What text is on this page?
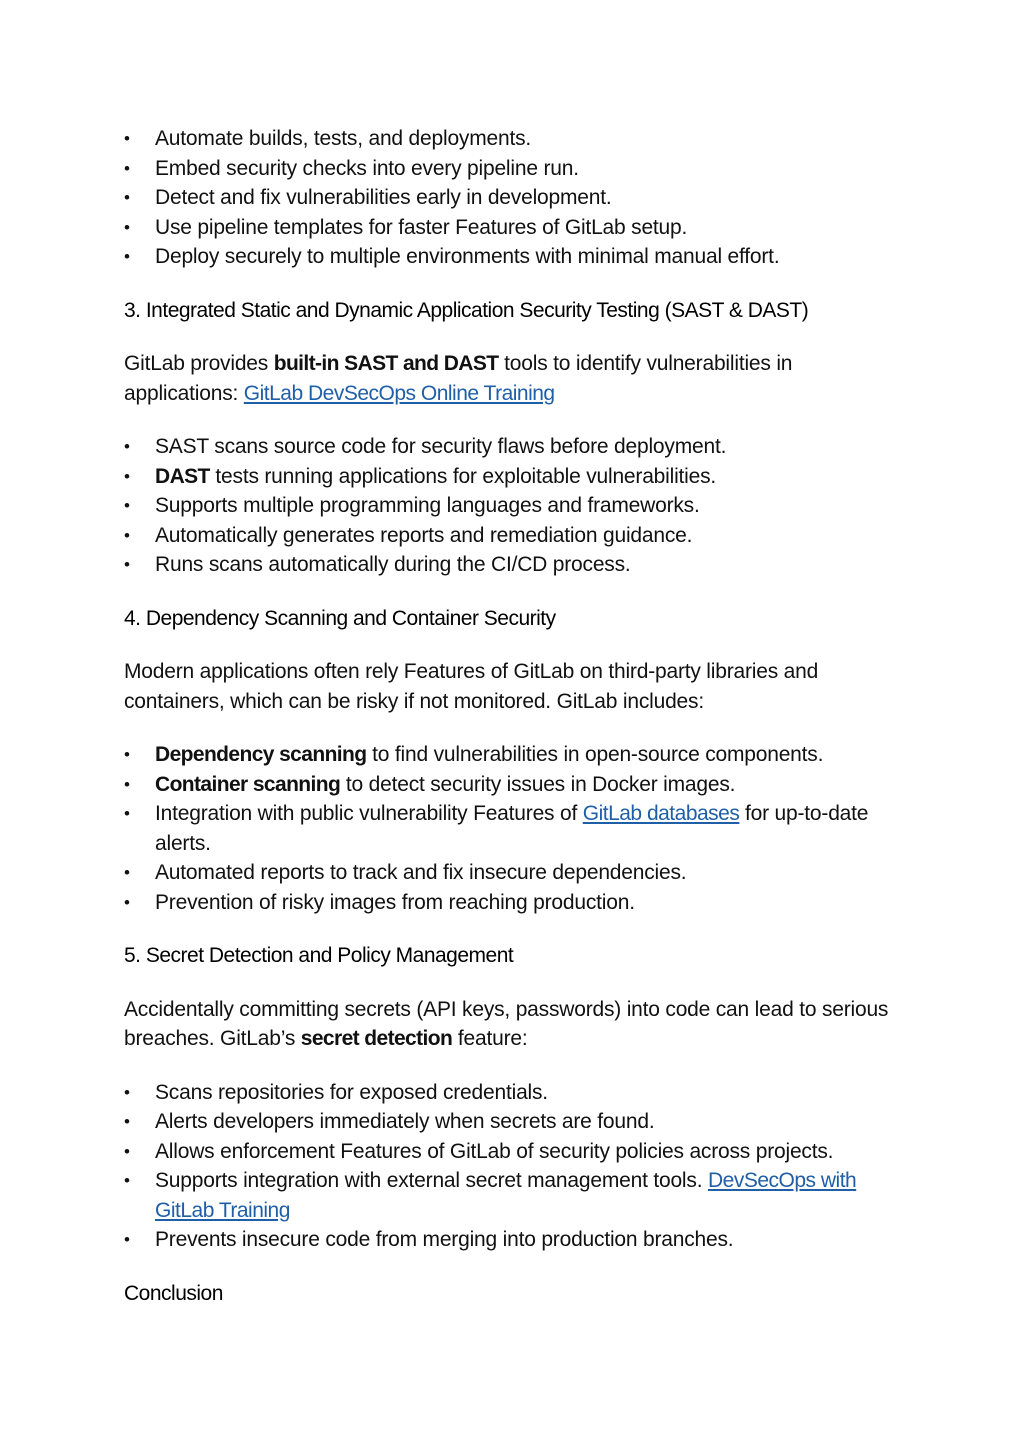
• Automate builds, tests, and deployments.
• Embed security checks into every pipeline run.
• Detect and fix vulnerabilities early in development.
• Use pipeline templates for faster Features of GitLab setup.
• Deploy securely to multiple environments with minimal manual effort.
3. Integrated Static and Dynamic Application Security Testing (SAST & DAST)

GitLab provides built-in SAST and DAST tools to identify vulnerabilities in applications: GitLab DevSecOps Online Training

• SAST scans source code for security flaws before deployment.
• DAST tests running applications for exploitable vulnerabilities.
• Supports multiple programming languages and frameworks.
• Automatically generates reports and remediation guidance.
• Runs scans automatically during the CI/CD process.
4. Dependency Scanning and Container Security

Modern applications often rely Features of GitLab on third-party libraries and containers, which can be risky if not monitored. GitLab includes:

• Dependency scanning to find vulnerabilities in open-source components.
• Container scanning to detect security issues in Docker images.
• Integration with public vulnerability Features of GitLab databases for up-to-date alerts.
• Automated reports to track and fix insecure dependencies.
• Prevention of risky images from reaching production.
5. Secret Detection and Policy Management

Accidentally committing secrets (API keys, passwords) into code can lead to serious breaches. GitLab’s secret detection feature:

• Scans repositories for exposed credentials.
• Alerts developers immediately when secrets are found.
• Allows enforcement Features of GitLab of security policies across projects.
• Supports integration with external secret management tools. DevSecOps with GitLab Training
• Prevents insecure code from merging into production branches.
Conclusion
